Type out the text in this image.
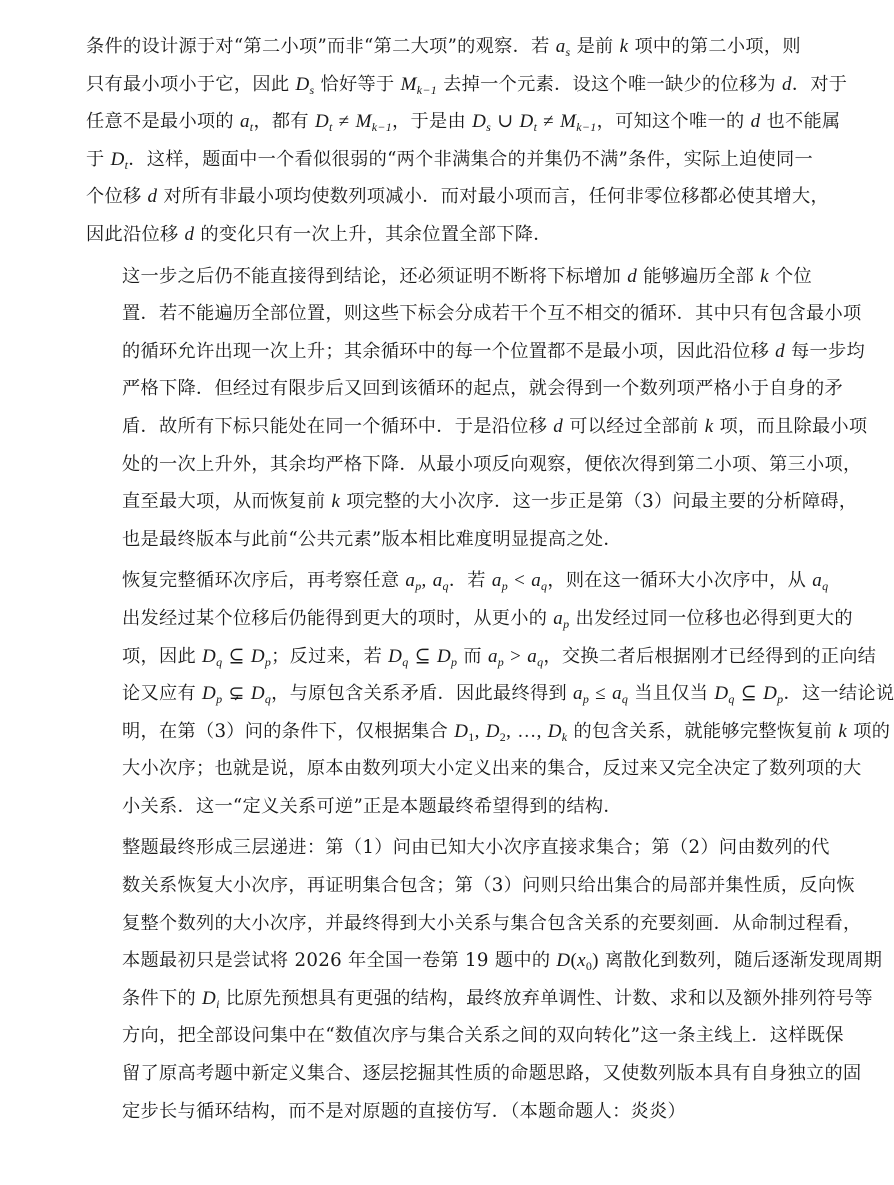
条件的设计源于对“第二小项”而非“第二大项”的观察．若 $a_s$ 是前 k 项中的第二小项，则
只有最小项小于它，因此 $D_s$ 恰好等于 $M_{k-1}$ 去掉一个元素．设这个唯一缺少的位移为 d．对于
任意不是最小项的 $a_t$，都有 $D_t \ne M_{k-1}$，于是由 $D_s$ ∪ $D_t \ne M_{k-1}$，可知这个唯一的 d 也不能属
于 $D_t$．这样，题面中一个看似很弱的“两个非满集合的并集仍不满”条件，实际上迫使同一
个位移 d 对所有非最小项均使数列项减小．而对最小项而言，任何非零位移都必使其增大，
因此沿位移 d 的变化只有一次上升，其余位置全部下降．
这一步之后仍不能直接得到结论，还必须证明不断将下标增加 d 能够遍历全部 k 个位
置．若不能遍历全部位置，则这些下标会分成若干个互不相交的循环．其中只有包含最小项
的循环允许出现一次上升；其余循环中的每一个位置都不是最小项，因此沿位移 d 每一步均
严格下降．但经过有限步后又回到该循环的起点，就会得到一个数列项严格小于自身的矛
盾．故所有下标只能处在同一个循环中．于是沿位移 d 可以经过全部前 k 项，而且除最小项
处的一次上升外，其余均严格下降．从最小项反向观察，便依次得到第二小项、第三小项，
直至最大项，从而恢复前 k 项完整的大小次序．这一步正是第（3）问最主要的分析障碍，
也是最终版本与此前“公共元素”版本相比难度明显提高之处．
恢复完整循环次序后，再考察任意 $a_p$, $a_q$．若 $a_p < a_q$，则在这一循环大小次序中，从 $a_q$
出发经过某个位移后仍能得到更大的项时，从更小的 $a_p$ 出发经过同一位移也必得到更大的
项，因此 $D_q$ ⊆ $D_p$；反过来，若 $D_q$ ⊆ $D_p$ 而 $a_p > a_q$，交换二者后根据刚才已经得到的正向结
论又应有 $D_p$ ⊊ $D_q$，与原包含关系矛盾．因此最终得到 $a_p \le a_q$ 当且仅当 $D_q$ ⊆ $D_p$．这一结论说
明，在第（3）问的条件下，仅根据集合 $D_1$, $D_2$, …, $D_k$ 的包含关系，就能够完整恢复前 k 项的
大小次序；也就是说，原本由数列项大小定义出来的集合，反过来又完全决定了数列项的大
小关系．这一“定义关系可逆”正是本题最终希望得到的结构．
整题最终形成三层递进：第（1）问由已知大小次序直接求集合；第（2）问由数列的代
数关系恢复大小次序，再证明集合包含；第（3）问则只给出集合的局部并集性质，反向恢
复整个数列的大小次序，并最终得到大小关系与集合包含关系的充要刻画．从命制过程看，
本题最初只是尝试将 2026 年全国一卷第 19 题中的 $D(x_0)$ 离散化到数列，随后逐渐发现周期
条件下的 $D_i$ 比原先预想具有更强的结构，最终放弃单调性、计数、求和以及额外排列符号等
方向，把全部设问集中在“数值次序与集合关系之间的双向转化”这一条主线上．这样既保
留了原高考题中新定义集合、逐层挖掘其性质的命题思路，又使数列版本具有自身独立的固
定步长与循环结构，而不是对原题的直接仿写．（本题命题人：炎炎）
